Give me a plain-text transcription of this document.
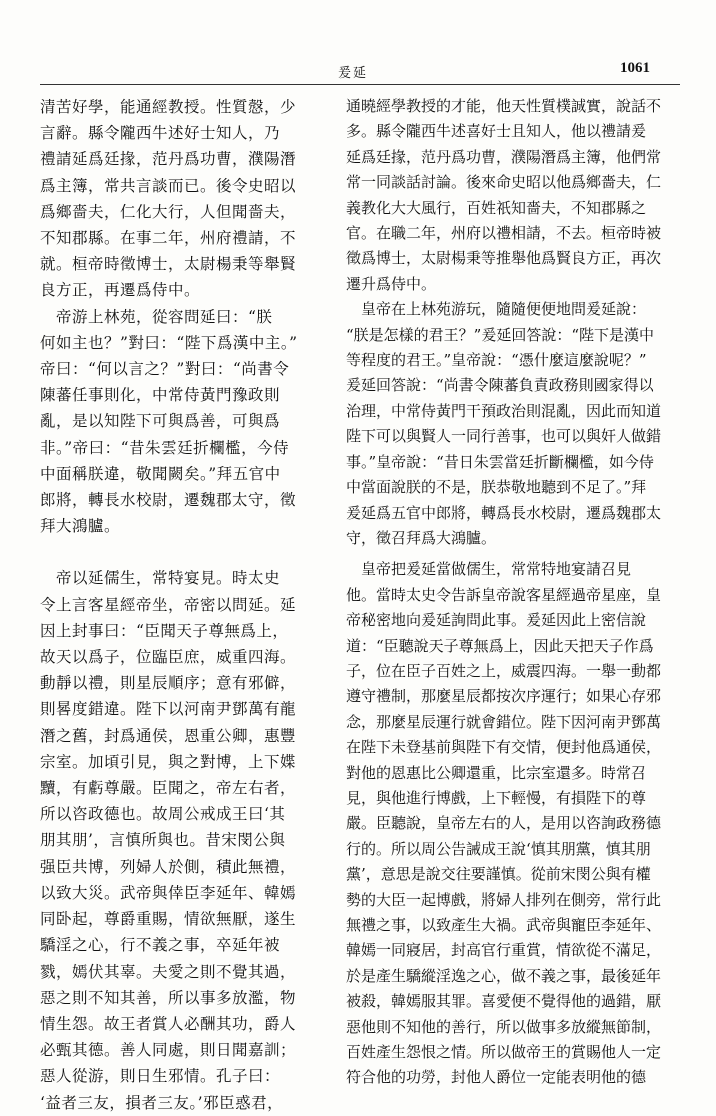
爰延	1061
清苦好學，能通經教授。性質慤，少
言辭。縣令隴西牛述好士知人，乃
禮請延爲廷掾，范丹爲功曹，濮陽潛
爲主簿，常共言談而已。後令史昭以
爲鄉嗇夫，仁化大行，人但聞嗇夫，
不知郡縣。在事二年，州府禮請，不
就。桓帝時徵博士，太尉楊秉等舉賢
良方正，再遷爲侍中。
　帝游上林苑，從容問延曰：“朕
何如主也？”對曰：“陛下爲漢中主。”
帝曰：“何以言之？”對曰：“尚書令
陳蕃任事則化，中常侍黃門豫政則
亂，是以知陛下可與爲善，可與爲
非。”帝曰：“昔朱雲廷折欄檻，今侍
中面稱朕違，敬聞闕矣。”拜五官中
郎將，轉長水校尉，遷魏郡太守，徵
拜大鴻臚。
　帝以延儒生，常特宴見。時太史
令上言客星經帝坐，帝密以問延。延
因上封事曰：“臣聞天子尊無爲上，
故天以爲子，位臨臣庶，威重四海。
動靜以禮，則星辰順序；意有邪僻，
則晷度錯違。陛下以河南尹鄧萬有龍
潛之舊，封爲通侯，恩重公卿，惠豐
宗室。加頃引見，與之對博，上下媟
黷，有虧尊嚴。臣聞之，帝左右者，
所以咨政德也。故周公戒成王曰‘其
朋其朋’，言慎所與也。昔宋閔公與
强臣共博，列婦人於側，積此無禮，
以致大災。武帝與倖臣李延年、韓嫣
同卧起，尊爵重賜，情欲無厭，遂生
驕淫之心，行不義之事，卒延年被
戮，嫣伏其辜。夫愛之則不覺其過，
惡之則不知其善，所以事多放濫，物
情生怨。故王者賞人必酬其功，爵人
必甄其德。善人同處，則日聞嘉訓；
惡人從游，則日生邪情。孔子曰：
‘益者三友，損者三友。’邪臣惑君，
通曉經學教授的才能，他天性質樸誠實，說話不
多。縣令隴西牛述喜好士且知人，他以禮請爰
延爲廷掾，范丹爲功曹，濮陽潛爲主簿，他們常
常一同談話討論。後來命史昭以他爲鄉嗇夫，仁
義教化大大風行，百姓祇知嗇夫，不知郡縣之
官。在職二年，州府以禮相請，不去。桓帝時被
徵爲博士，太尉楊秉等推舉他爲賢良方正，再次
遷升爲侍中。
　皇帝在上林苑游玩，隨隨便便地問爰延說：
“朕是怎樣的君王？”爰延回答說：“陛下是漢中
等程度的君王。”皇帝說：“憑什麼這麼說呢？”
爰延回答說：“尚書令陳蕃負責政務則國家得以
治理，中常侍黃門干預政治則混亂，因此而知道
陛下可以與賢人一同行善事，也可以與奸人做錯
事。”皇帝說：“昔日朱雲當廷折斷欄檻，如今侍
中當面說朕的不是，朕恭敬地聽到不足了。”拜
爰延爲五官中郎將，轉爲長水校尉，遷爲魏郡太
守，徵召拜爲大鴻臚。
　皇帝把爰延當做儒生，常常特地宴請召見
他。當時太史令告訴皇帝說客星經過帝星座，皇
帝秘密地向爰延詢問此事。爰延因此上密信說
道：“臣聽說天子尊無爲上，因此天把天子作爲
子，位在臣子百姓之上，威震四海。一舉一動都
遵守禮制，那麼星辰都按次序運行；如果心存邪
念，那麼星辰運行就會錯位。陛下因河南尹鄧萬
在陛下未登基前與陛下有交情，便封他爲通侯，
對他的恩惠比公卿還重，比宗室還多。時常召
見，與他進行博戲，上下輕慢，有損陛下的尊
嚴。臣聽說，皇帝左右的人，是用以咨詢政務德
行的。所以周公告誡成王說‘慎其朋黨，慎其朋
黨’，意思是說交往要謹慎。從前宋閔公與有權
勢的大臣一起博戲，將婦人排列在側旁，常行此
無禮之事，以致產生大禍。武帝與寵臣李延年、
韓嫣一同寢居，封高官行重賞，情欲從不滿足，
於是產生驕縱淫逸之心，做不義之事，最後延年
被殺，韓嫣服其罪。喜愛便不覺得他的過錯，厭
惡他則不知他的善行，所以做事多放縱無節制，
百姓產生怨恨之情。所以做帝王的賞賜他人一定
符合他的功勞，封他人爵位一定能表明他的德
